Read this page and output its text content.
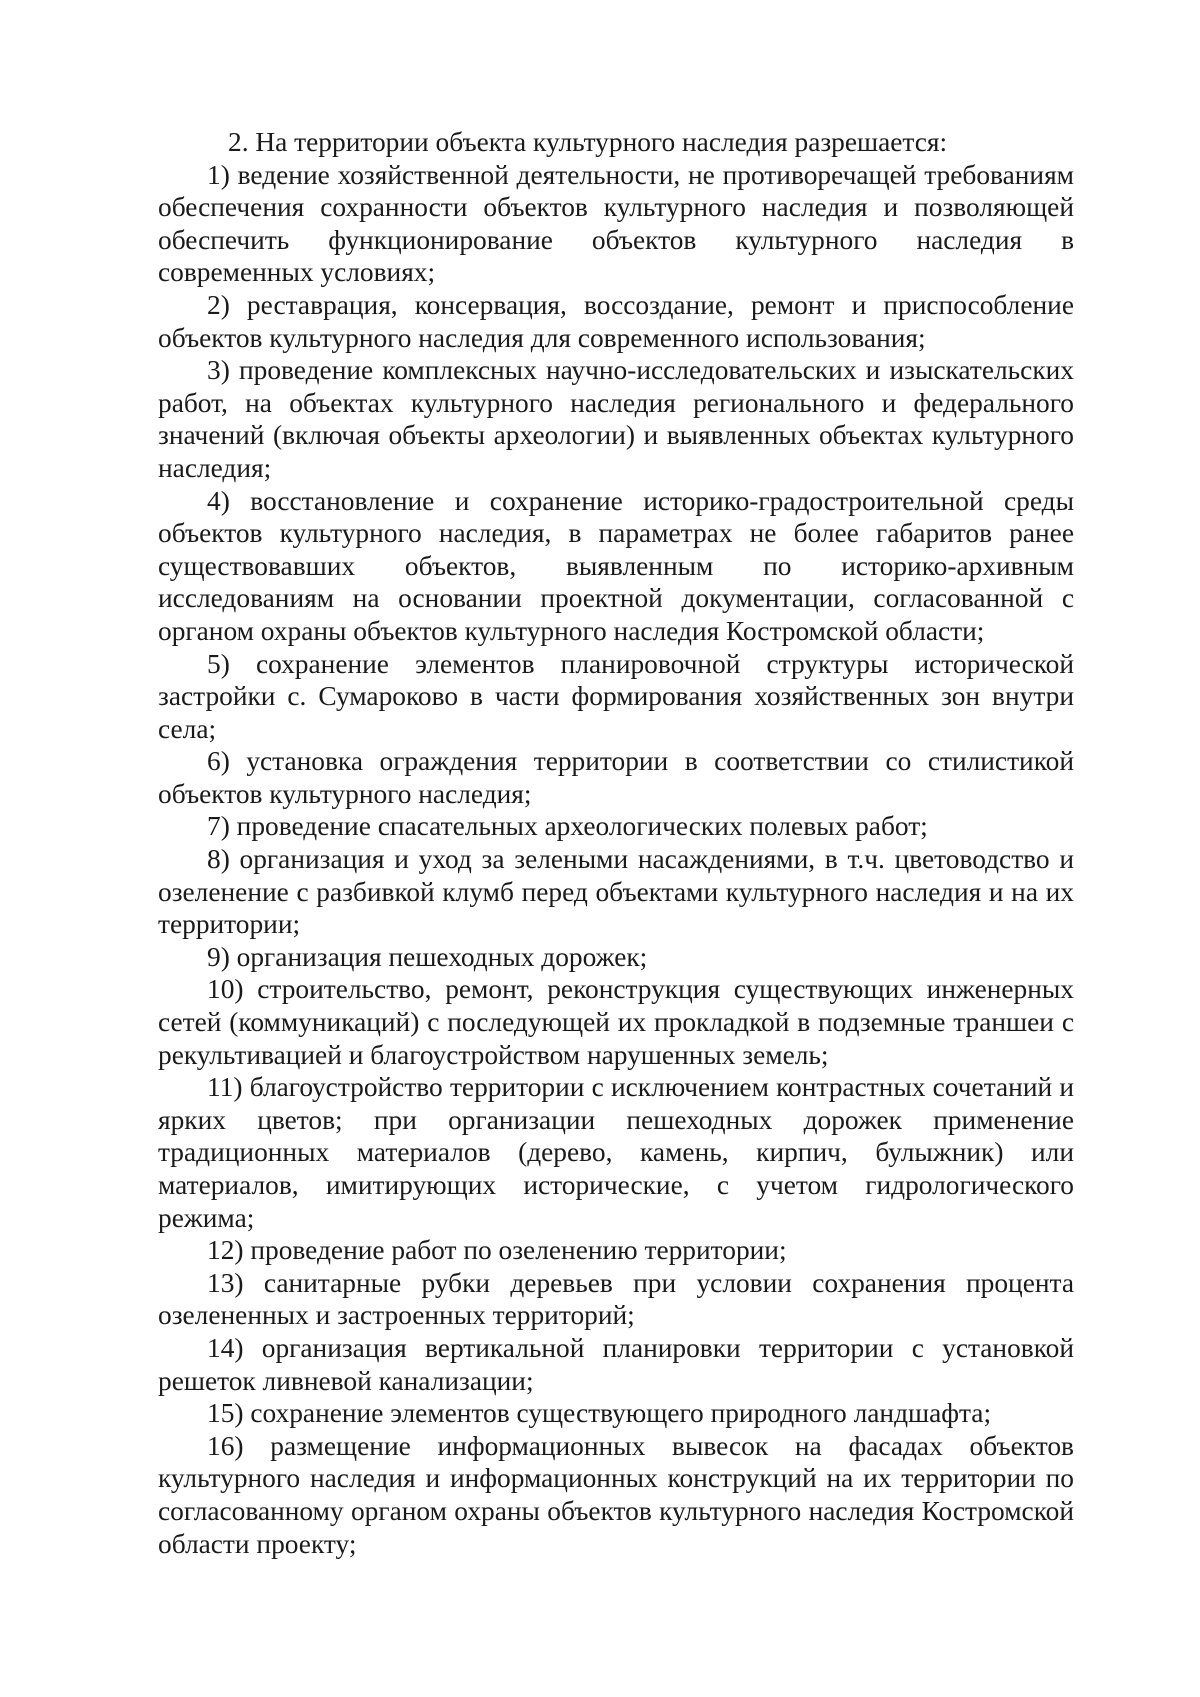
2. На территории объекта культурного наследия разрешается:

1) ведение хозяйственной деятельности, не противоречащей требованиям обеспечения сохранности объектов культурного наследия и позволяющей обеспечить функционирование объектов культурного наследия в современных условиях;

2) реставрация, консервация, воссоздание, ремонт и приспособление объектов культурного наследия для современного использования;

3) проведение комплексных научно-исследовательских и изыскательских работ, на объектах культурного наследия регионального и федерального значений (включая объекты археологии) и выявленных объектах культурного наследия;

4) восстановление и сохранение историко-градостроительной среды объектов культурного наследия, в параметрах не более габаритов ранее существовавших объектов, выявленным по историко-архивным исследованиям на основании проектной документации, согласованной с органом охраны объектов культурного наследия Костромской области;

5) сохранение элементов планировочной структуры исторической застройки с. Сумароково в части формирования хозяйственных зон внутри села;

6) установка ограждения территории в соответствии со стилистикой объектов культурного наследия;

7) проведение спасательных археологических полевых работ;

8) организация и уход за зелеными насаждениями, в т.ч. цветоводство и озеленение с разбивкой клумб перед объектами культурного наследия и на их территории;

9) организация пешеходных дорожек;

10) строительство, ремонт, реконструкция существующих инженерных сетей (коммуникаций) с последующей их прокладкой в подземные траншеи с рекультивацией и благоустройством нарушенных земель;

11) благоустройство территории с исключением контрастных сочетаний и ярких цветов; при организации пешеходных дорожек применение традиционных материалов (дерево, камень, кирпич, булыжник) или материалов, имитирующих исторические, с учетом гидрологического режима;

12) проведение работ по озеленению территории;

13) санитарные рубки деревьев при условии сохранения процента озелененных и застроенных территорий;

14) организация вертикальной планировки территории с установкой решеток ливневой канализации;

15) сохранение элементов существующего природного ландшафта;

16) размещение информационных вывесок на фасадах объектов культурного наследия и информационных конструкций на их территории по согласованному органом охраны объектов культурного наследия Костромской области проекту;
